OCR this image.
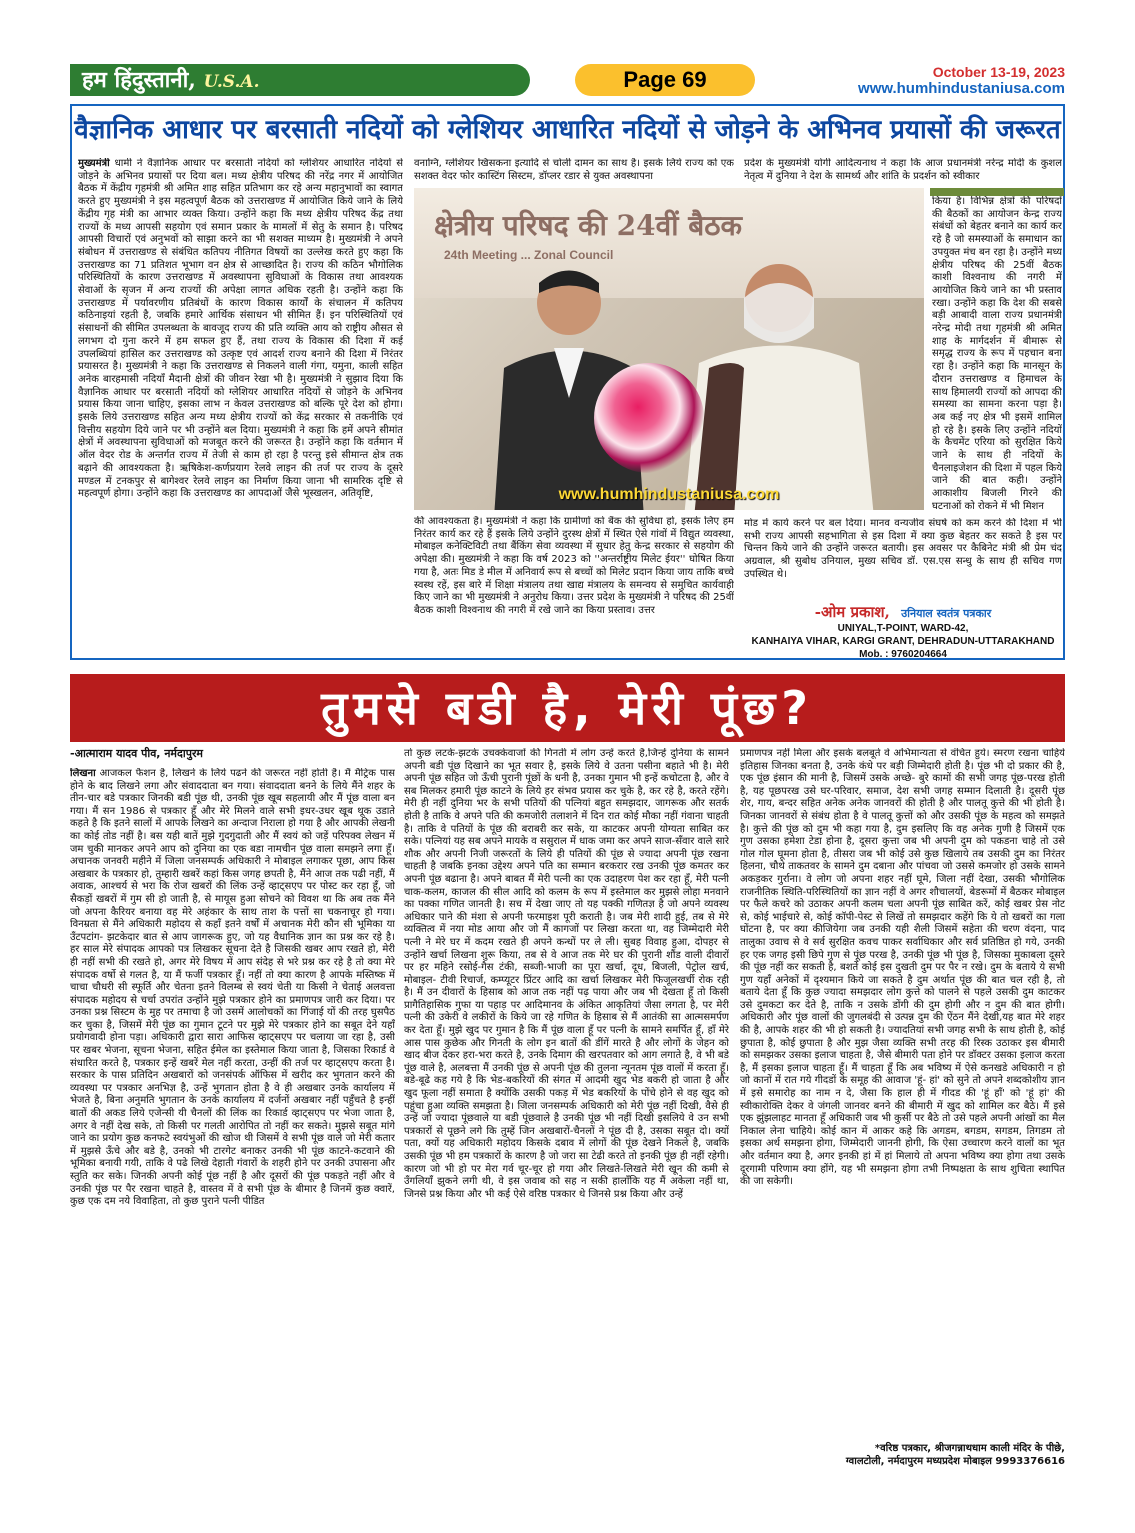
हम हिंदुस्तानी, U.S.A.	Page 69	October 13-19, 2023
www.humhindustaniusa.com
वैज्ञानिक आधार पर बरसाती नदियों को ग्लेशियर आधारित नदियों से जोड़ने के अभिनव प्रयासों की जरूरत
मुख्यमंत्री धामी ने वैज्ञानिक आधार पर बरसाती नदियों को ग्लेशियर आधारित नदियों से जोड़ने के अभिनव प्रयासों पर दिया बल। मध्य क्षेत्रीय परिषद की नरेंद्र नगर में आयोजित बैठक में केंद्रीय गृहमंत्री श्री अमित शाह सहित प्रतिभाग कर रहे अन्य महानुभावों का स्वागत करते हुए मुख्यमंत्री ने इस महत्वपूर्ण बैठक को उत्तराखण्ड में आयोजित किये जाने के लिये केंद्रीय गृह मंत्री का आभार व्यक्त किया। उन्होंने कहा कि मध्य क्षेत्रीय परिषद केंद्र तथा राज्यों के मध्य आपसी सहयोग एवं समान प्रकार के मामलों में सेतु के समान है। परिषद आपसी विचारों एवं अनुभवों को साझा करने का भी सशक्त माध्यम है। मुख्यमंत्री ने अपने संबोधन में उत्तराखण्ड से संबंधित कतिपय नीतिगत विषयों का उल्लेख करते हुए कहा कि उत्तराखण्ड का 71 प्रतिशत भूभाग वन क्षेत्र से आच्छादित है। राज्य की कठिन भौगोलिक परिस्थितियों के कारण उत्तराखण्ड में अवस्थापना सुविधाओं के विकास तथा आवश्यक सेवाओं के सृजन में अन्य राज्यों की अपेक्षा लागत अधिक रहती है। उन्होंने कहा कि उत्तराखण्ड में पर्यावरणीय प्रतिबंधों के कारण विकास कार्यों के संचालन में कतिपय कठिनाइयां रहती है, जबकि हमारे आर्थिक संसाधन भी सीमित हैं। इन परिस्थितियों एवं संसाधनों की सीमित उपलब्धता के बावजूद राज्य की प्रति व्यक्ति आय को राष्ट्रीय औसत से लगभग दो गुना करने में हम सफल हुए हैं, तथा राज्य के विकास की दिशा में कई उपलब्धियां हासिल कर उत्तराखण्ड को उत्कृष्ट एवं आदर्श राज्य बनाने की दिशा में निरंतर प्रयासरत है। मुख्यमंत्री ने कहा कि उत्तराखण्ड से निकलने वाली गंगा, यमुना, काली सहित अनेक बारहमासी नदियाँ मैदानी क्षेत्रों की जीवन रेखा भी है। मुख्यमंत्री ने सुझाव दिया कि वैज्ञानिक आधार पर बरसाती नदियों को ग्लेशियर आधारित नदियों से जोड़ने के अभिनव प्रयास किया जाना चाहिए, इसका लाभ न केवल उत्तराखण्ड को बल्कि पूरे देश को होगा। इसके लिये उत्तराखण्ड सहित अन्य मध्य क्षेत्रीय राज्यों को केंद्र सरकार से तकनीकि एवं वित्तीय सहयोग दिये जाने पर भी उन्होंने बल दिया। मुख्यमंत्री ने कहा कि हमें अपने सीमांत क्षेत्रों में अवस्थापना सुविधाओं को मजबूत करने की जरूरत है। उन्होंने कहा कि वर्तमान में ऑल वेदर रोड के अन्तर्गत राज्य में तेजी से काम हो रहा है परन्तु इसे सीमान्त क्षेत्र तक बढ़ाने की आवश्यकता है। ऋषिकेश-कर्णप्रयाग रेलवे लाइन की तर्ज पर राज्य के दूसरे मण्डल में टनकपुर से बागेश्वर रेलवे लाइन का निर्माण किया जाना भी सामरिक दृष्टि से महत्वपूर्ण होगा। उन्होंने कहा कि उत्तराखण्ड का आपदाओं जैसे भूस्खलन, अतिवृष्टि,
वनाग्नि, ग्लेशियर खिसकना इत्यादि से चोली दामन का साथ है। इसके लिये राज्य को एक सशक्त वेदर फोर कास्टिंग सिस्टम, डॉप्लर रडार से युक्त अवस्थापना
क्षेत्रीय परिषद की 24वीं बैठक
24th Meeting ... Zonal Council
www.humhindustaniusa.com
की आवश्यकता है। मुख्यमंत्री ने कहा कि ग्रामीणों को बैंक की सुविधा हो, इसके लिए हम निरंतर कार्य कर रहे हैं इसके लिये उन्होंने दुरस्थ क्षेत्रों में स्थित ऐसे गांवों में विद्युत व्यवस्था, मोबाइल कनेक्टिविटी तथा बैंकिंग सेवा व्यवस्था में सुधार हेतु केन्द्र सरकार से सहयोग की अपेक्षा की। मुख्यमंत्री ने कहा कि वर्ष 2023 को ''अन्तर्राष्ट्रीय मिलेट ईयर'' घोषित किया गया है, अतः मिड डे मील में अनिवार्य रूप से बच्चों को मिलेट प्रदान किया जाय ताकि बच्चे स्वस्थ रहें, इस बारे में शिक्षा मंत्रालय तथा खाद्य मंत्रालय के समन्वय से समुचित कार्यवाही किए जाने का भी मुख्यमंत्री ने अनुरोध किया। उत्तर प्रदेश के मुख्यमंत्री ने परिषद की 25वीं बैठक काशी विश्वनाथ की नगरी में रखे जाने का किया प्रस्ताव। उत्तर
प्रदेश के मुख्यमंत्री योगी आदित्यनाथ ने कहा कि आज प्रधानमंत्री नरेन्द्र मोदी के कुशल नेतृत्व में दुनिया ने देश के सामर्थ्य और शांति के प्रदर्शन को स्वीकार
किया है। विभिन्न क्षेत्रों की परिषदों की बैठकों का आयोजन केन्द्र राज्य संबंधों को बेहतर बनाने का कार्य कर रहे है जो समस्याओं के समाधान का उपयुक्त मंच बन रहा है। उन्होंने मध्य क्षेत्रीय परिषद की 25वीं बैठक काशी विश्वनाथ की नगरी में आयोजित किये जाने का भी प्रस्ताव रखा। उन्होंने कहा कि देश की सबसे बड़ी आबादी वाला राज्य प्रधानमंत्री नरेन्द्र मोदी तथा गृहमंत्री श्री अमित शाह के मार्गदर्शन में बीमारू से समृद्ध राज्य के रूप में पहचान बना रहा है। उन्होंने कहा कि मानसून के दौरान उत्तराखण्ड व हिमाचल के साथ हिमालयी राज्यों को आपदा की समस्या का सामना करना पड़ा है। अब कई नए क्षेत्र भी इसमें शामिल हो रहे है। इसके लिए उन्होंने नदियों के कैचमेंट एरिया को सुरक्षित किये जाने के साथ ही नदियों के चैनलाइजेशन की दिशा में पहल किये जाने की बात कही। उन्होंने आकाशीय बिजली गिरने की घटनाओं को रोकने में भी मिशन
मोड में कार्य करने पर बल दिया। मानव वन्यजीव संघर्ष को कम करने की दिशा में भी सभी राज्य आपसी सहभागिता से इस दिशा में क्या कुछ बेहतर कर सकते है इस पर चिन्तन किये जाने की उन्होंने जरूरत बतायी। इस अवसर पर कैबिनेट मंत्री श्री प्रेम चंद अग्रवाल, श्री सुबोध उनियाल, मुख्य सचिव डॉ. एस.एस सन्धु के साथ ही सचिव गण उपस्थित थे।
-ओम प्रकाश, उनियाल स्वतंत्र पत्रकार
UNIYAL,T-POINT, WARD-42,
KANHAIYA VIHAR, KARGI GRANT, DEHRADUN-UTTARAKHAND
Mob. : 9760204664
तुमसे बडी है, मेरी पूंछ?
-आत्माराम यादव पीव, नर्मदापुरम
लिखना आजकल फैशन है, लिखने के लिये पढने की जरूरत नहीं होती है। मैं मैट्रिक पास होने के बाद लिखने लगा और संवाददाता बन गया। संवाददाता बनने के लिये मैंने शहर के तीन-चार बडे पत्रकार जिनकी बडी पूंछ थी, उनकी पूंछ खूब सहलायी और मैं पूंछ वाला बन गया। मैं सन 1986 से पत्रकार हूँ और मेरे मिलने वाले सभी इधर-उधर खूब थूक उडाते कहते है कि इतने सालों में आपके लिखने का अन्दाज निराला हो गया है और आपकी लेखनी का कोई तोड नहीं है। बस यही बातें मुझे गुदगुदाती और मैं स्वयं को जड़ें परिपक्व लेखन में जम चुकी मानकर अपने आप को दुनिया का एक बडा नामचीन पूंछ वाला समझने लगा हूँ। अचानक जनवरी महीने में जिला जनसम्पर्क अधिकारी ने मोबाइल लगाकर पूछा, आप किस अखबार के पत्रकार हो, तुम्हारी खबरें कहां किस जगह छपती है, मैंने आज तक पढी नहीं, मैं अवाक, आश्चर्य से भरा कि रोज खबरों की लिंक उन्हें व्हाट्सएप पर पोस्ट कर रहा हूँ, जो सैकड़ों खबरों में गुम सी हो जाती है, से मायूस हुआ सोचने को विवश था कि अब तक मैंने जो अपना कैरियर बनाया वह मेरे अहंकार के साथ ताश के पत्तों सा चकनाचूर हो गया। विनम्रता से मैंने अधिकारी महोदय से कहाँ इतने वर्षों में अचानक मेरी कौन सी भूमिका या उँटपटांग- झटकेदार बात से आप जागरूक हुए, जो यह वैधानिक ज्ञान का प्रश्न कर रहे है। हर साल मेरे संपादक आपको पत्र लिखकर सूचना देते है जिसकी खबर आप रखते हो, मेरी ही नहीं सभी की रखते हो, अगर मेरे विषय में आप संदेह से भरे प्रश्न कर रहे है तो क्या मेरे संपादक वर्षो से गलत है, या मैं फर्जी पत्रकार हूँ। नहीं तो क्या कारण है आपके मस्तिष्क में चाचा चौधरी सी स्फूर्ति और चेतना इतने विलम्ब से स्वयं चेती या किसी ने चेताई अलवत्ता संपादक महोदय से चर्चा उपरांत उन्होंने मुझे पत्रकार होने का प्रमाणपत्र जारी कर दिया। पर उनका प्रश्न सिस्टम के मुह पर तमाचा है जो उसमें आलोचकों का गिंजाई यों की तरह घुसपैठ कर चुका है, जिसमें मेरी पूंछ का गुमान टूटने पर मुझे मेरे पत्रकार होने का सबूत देने यहाँ प्रयोगवादी होना पड़ा। अधिकारी द्वारा सारा आफिस व्हाट्सएप पर चलाया जा रहा है, उसी पर खबर भेजना, सूचना भेजना, सहित ईमेल का इस्तेमाल किया जाता है, जिसका रिकार्ड वे संधारित करते है, पत्रकार इन्हें खबरें मेल नहीं करता, उन्हीं की तर्ज पर व्हाट्सएप करता है। सरकार के पास प्रतिदिन अखबारों को जनसंपर्क ऑफिस में खरीद कर भुगतान करने की व्यवस्था पर पत्रकार अनभिज्ञ है, उन्हें भुगतान होता है वे ही अखबार उनके कार्यालय में भेजते है, बिना अनुमति भुगतान के उनके कार्यालय में दर्जनों अखबार नहीं पहुँचते है इन्हीं बातों की अकड लिये एजेन्सी यी चैनलों की लिंक का रिकार्ड व्हाट्सएप पर भेजा जाता है, अगर वे नहीं देख सके, तो किसी पर गलती आरोपित तो नहीं कर सकते। मुझसे सबूत मांगे जाने का प्रयोग कुछ कनफटे स्वयंभुओं की खोज थी जिसमें वे सभी पूंछ वाले जो मेरी कतार में मुझसे ऊँचे और बडे है, उनको भी टारगेट बनाकर उनकी भी पूंछ काटने-कटवाने की भूमिका बनायी गयी, ताकि वे पढे लिखे देहाती गंवारों के शहरी होने पर उनकी उपासना और स्तुति कर सके। जिनकी अपनी कोई पूंछ नहीं है और दूसरों की पूंछ पकड़ते नहीं और वे उनकी पूंछ पर पैर रखना चाहते है, वास्तव में वे सभी पूंछ के बीमार है जिनमें कुछ क्वारें, कुछ एक दम नये विवाहिता, तो कुछ पुराने पत्नी पीडित
तो कुछ लटके-झटके उचक्केवाजों की गिनती में लोग उन्हें करते है,जिन्हें दुनिया के सामने अपनी बडी पूंछ दिखाने का भूत सवार है, इसके लिये वे उतना पसीना बहाते भी है। मेरी अपनी पूंछ सहित जो ऊँची पुरानी पूंछों के धनी है, उनका गुमान भी इन्हें कचोटता है, और वे सब मिलकर हमारी पूंछ काटने के लिये हर संभव प्रयास कर चुके है, कर रहे है, करते रहेंगे। मेरी ही नहीं दुनिया भर के सभी पतियों की पत्नियां बहुत समझदार, जागरूक और सतर्क होती है ताकि वे अपने पति की कमजोरी तलाशने में दिन रात कोई मौका नहीं गंवाना चाहती है। ताकि वे पतियों के पूंछ की बराबरी कर सके, या काटकर अपनी योग्यता साबित कर सके। पत्नियां यह सब अपने मायके व ससुराल में धाक जमा कर अपने साज-सँवार वाले सारे शौक और अपनी निजी जरूरतों के लिये ही पतियों की पूंछ से ज्यादा अपनी पूंछ रखना चाहती है जबकि इनका उद्देश्य अपने पति का सम्मान बरकरार रख उनकी पूंछ कमतर कर अपनी पूंछ बढाना है। अपने बाबत मैं मेरी पत्नी का एक उदाहरण पेश कर रहा हूँ, मेरी पत्नी चाक-कलम, काजल की सील आदि को कलम के रूप में इस्तेमाल कर मुझसे लोहा मनवाने का पक्का गणित जानती है। सच में देखा जाए तो यह पक्की गणितज्ञ है जो अपने व्यवस्थ अधिकार पाने की मंशा से अपनी फरमाइश पूरी कराती है। जब मेरी शादी हुई, तब से मेरे व्यक्तित्व में नया मोड आया और जो मैं कागजों पर लिखा करता था, वह जिम्मेदारी मेरी पत्नी ने मेरे घर में कदम रखते ही अपने कन्धों पर ले ली। सुबह विवाह हुआ, दोपहर से उन्होंने खर्चा लिखना शुरू किया, तब से वे आज तक मेरे घर की पुरानी शौंड वाली दीवारों पर हर महिने रसोई-गैस टंकी, सब्जी-भाजी का पूरा खर्चा, दूध, बिजली, पेट्रोल खर्च, मोबाइल- टीवी रिचार्ज, कम्प्यूटर प्रिंटर आदि का खर्चा लिखकर मेरी फिजूलखर्ची रोक रही है। मैं उन दीवारों के हिसाब को आज तक नहीं पढ़ पाया और जब भी देखता हूँ तो किसी प्रागैतिहासिक गुफा या पहाड़ पर आदिमानव के अंकित आकृतियां जैसा लगता है, पर मेरी पत्नी की उकेरी वे लकीरों के किये जा रहे गणित के हिसाब से मैं आतंकी सा आत्मसमर्पण कर देता हूँ। मुझे खुद पर गुमान है कि मैं पूंछ वाला हूँ पर पत्नी के सामने समर्पित हूँ, हाँ मेरे आस पास कुछेक और गिनती के लोग इन बातों की डींगें मारते है और लोगों के जेहन को खाद बीज देकर हरा-भरा करते है, उनके दिमाग की खरपतवार को आग लगाते है, वे भी बडे पूंछ वाले है, अलबत्ता मैं उनकी पूंछ से अपनी पूंछ की तुलना न्यूनतम पूंछ वालों में करता हूँ। बडे-बूढे कह गये है कि भेड-बकरियों की संगत में आदमी खुद भेड बकरी हो जाता है और खुद फूला नहीं समाता है क्योंकि उसकी पकड़ में भेड बकरियों के पोंचे होने से वह खुद को पहुंचा हुआ व्यक्ति समझता है। जिला जनसम्पर्क अधिकारी को मेरी पूंछ नहीं दिखी, वैसे ही उन्हें जो ज्यादा पूंछवाले या बडी पूंछवाले है उनकी पूंछ भी नहीं दिखी इसलिये वे उन सभी पत्रकारों से पूछने लगे कि तुम्हें जिन अखबारों-चैनलों ने पूंछ दी है, उसका सबूत दो। क्यों पता, क्यों यह अधिकारी महोदय किसके दबाव में लोगों की पूंछ देखने निकले है, जबकि उसकी पूंछ भी हम पत्रकारों के कारण है जो जरा सा टेढी करते तो इनकी पूंछ ही नहीं रहेगी। कारण जो भी हो पर मेरा गर्व चूर-चूर हो गया और लिखते-लिखते मेरी खून की कमी से उँगलियाँ झुकने लगी थी, वे इस जवाब को सह न सकी हालाँकि यह मैं अकेला नहीं था, जिनसे प्रश्न किया और भी कई ऐसे वरिष्ठ पत्रकार थे जिनसे प्रश्न किया और उन्हें
प्रमाणपत्र नहीं मिला और इसके बलबूते वे अभिमान्यता से वंचित हुये। स्मरण रखना चाहिये इतिहास जिनका बनता है, उनके कंधे पर बड़ी जिम्मेदारी होती है। पूंछ भी दो प्रकार की है, एक पूंछ इंसान की मानी है, जिसमें उसके अच्छे- बुरे कामों की सभी जगह पूंछ-परख होती है, यह पूछपरख उसे घर-परिवार, समाज, देश सभी जगह सम्मान दिलाती है। दूसरी पूंछ शेर, गाय, बन्दर सहित अनेक अनेक जानवरों की होती है और पालतू कुत्ते की भी होती है। जिनका जानवरों से संबंध होता है वे पालतू कुत्तों को और उसकी पूंछ के महत्व को समझते है। कुत्ते की पूंछ को दुम भी कहा गया है, दुम इसलिए कि वह अनेक गुणी है जिसमें एक गुण उसका हमेशा टेडा होना है, दूसरा कुत्ता जब भी अपनी दुम को पकडना चाहे तो उसे गोल गोल घूमना होता है, तीसरा जब भी कोई उसे कुछ खिलाये तब उसकी दुम का निरंतर हिलना, चौथे ताकतवर के सामने दुम दबाना और पांचवा जो उससे कमजोर हो उसके सामने अकड़कर गुर्राना। वे लोग जो अपना शहर नहीं घूमे, जिला नहीं देखा, उसकी भौगोलिक राजनीतिक स्थिति-परिस्थितियों का ज्ञान नहीं वे अगर शौचालयों, बेडरूमों में बैठकर मोबाइल पर फैले कचरे को उठाकर अपनी कलम चला अपनी पूंछ साबित करें, कोई खबर प्रेस नोट से, कोई भाईचारे से, कोई कॉपी-पेस्ट से लिखें तो समझदार कहेंगे कि ये तो खबरों का गला घोंटना है, पर क्या कीजियेगा जब उनकी यही शैली जिसमें सहेता की चरण वंदना, पाद तालुका उवाच से वे सर्व सुरक्षित कवच पाकर सर्वाधिकार और सर्व प्रतिष्ठित हो गये, उनकी हर एक जगह इसी छिपे गुण से पूंछ परख है, उनकी पूंछ भी पूंछ है, जिसका मुकाबला दूसरे की पूंछ नहीं कर सकती है, बशर्ते कोई इस दुखती दुम पर पैर न रखे। दुम के बताये ये सभी गुण यहाँ अनेकों में दृश्यमान किये जा सकते है दुम अर्थात पूंछ की बात चल रही है, तो बताये देता हूँ कि कुछ ज्यादा समझदार लोग कुत्ते को पालने से पहले उसकी दुम काटकर उसे दुमकटा कर देते है, ताकि न उसके डोंगी की दुम होगी और न दुम की बात होगी। अधिकारी और पूंछ वालों की जुगलबंदी से उत्पन्न दुम की ऐंठन मैंने देखी,यह बात मेरे शहर की है, आपके शहर की भी हो सकती है। ज्यादतियां सभी जगह सभी के साथ होती है, कोई छुपाता है, कोई छुपाता है और मुझ जैसा व्यक्ति सभी तरह की रिस्क उठाकर इस बीमारी को समझकर उसका इलाज चाहता है, जैसे बीमारी पता होने पर डॉक्टर उसका इलाज करता है, मैं इसका इलाज चाहता हूँ। मैं चाहता हूँ कि अब भविष्य में ऐसे कनखडे अधिकारी न हो जो कानों में रात गये गीदडों के समूह की आवाज 'हूं- हां' को सुने तो अपने शब्दकोशीय ज्ञान में इसे समारोह का नाम न दे, जैसा कि हाल ही में गीदड की 'हूं हाँ' को 'हूं हां' की स्वीकारोक्ति देकर वे जंगली जानवर बनने की बीमारी में खुद को शामिल कर बैठे। मैं इसे एक झुंझलाहट मानता हूँ अधिकारी जब भी कुर्सी पर बैठे तो उसे पहले अपनी आंखों का मैल निकाल लेना चाहिये। कोई कान में आकर कहे कि अगडम, बगडम, सगडम, तिगडम तो इसका अर्थ समझना होगा, जिम्मेदारी जाननी होगी, कि ऐसा उच्चारण करने वालों का भूत और वर्तमान क्या है, अगर इनकी हां में हां मिलाये तो अपना भविष्य क्या होगा तथा उसके दूरगामी परिणाम क्या होंगे, यह भी समझना होगा तभी निष्पक्षता के साथ शुचिता स्थापित की जा सकेगी।
*वरिष्ठ पत्रकार, श्रीजगन्नाथधाम काली मंदिर के पीछे,
ग्वालटोली, नर्मदापुरम मध्यप्रदेश मोबाइल 9993376616
